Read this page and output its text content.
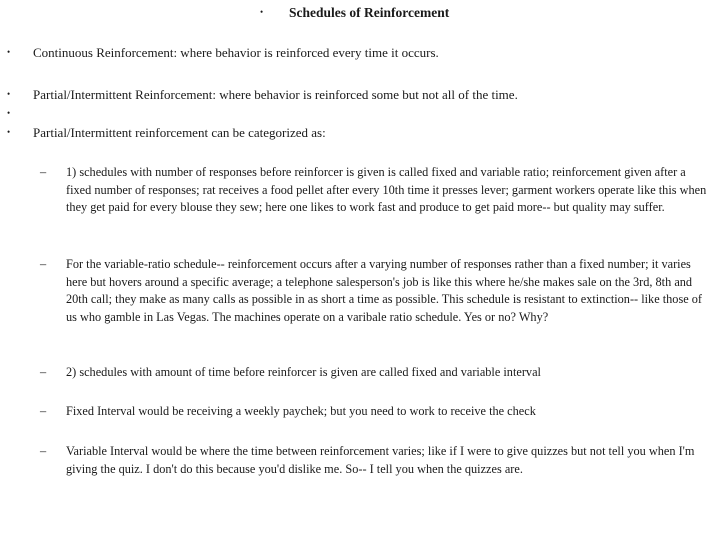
• Schedules of Reinforcement
• Continuous Reinforcement: where behavior is reinforced every time it occurs.
• Partial/Intermittent Reinforcement: where behavior is reinforced some but not all of the time.
•
• Partial/Intermittent reinforcement can be categorized as:
– 1) schedules with number of responses before reinforcer is given is called fixed and variable ratio; reinforcement given after a fixed number of responses; rat receives a food pellet after every 10th time it presses lever; garment workers operate like this when they get paid for every blouse they sew; here one likes to work fast and produce to get paid more-- but quality may suffer.
– For the variable-ratio schedule-- reinforcement occurs after a varying number of responses rather than a fixed number; it varies here but hovers around a specific average; a telephone salesperson's job is like this where he/she makes sale on the 3rd, 8th and 20th call; they make as many calls as possible in as short a time as possible. This schedule is resistant to extinction-- like those of us who gamble in Las Vegas. The machines operate on a varibale ratio schedule. Yes or no? Why?
– 2) schedules with amount of time before reinforcer is given are called fixed and variable interval
– Fixed Interval would be receiving a weekly paychek; but you need to work to receive the check
– Variable Interval would be where the time between reinforcement varies; like if I were to give quizzes but not tell you when I'm giving the quiz. I don't do this because you'd dislike me. So-- I tell you when the quizzes are.
